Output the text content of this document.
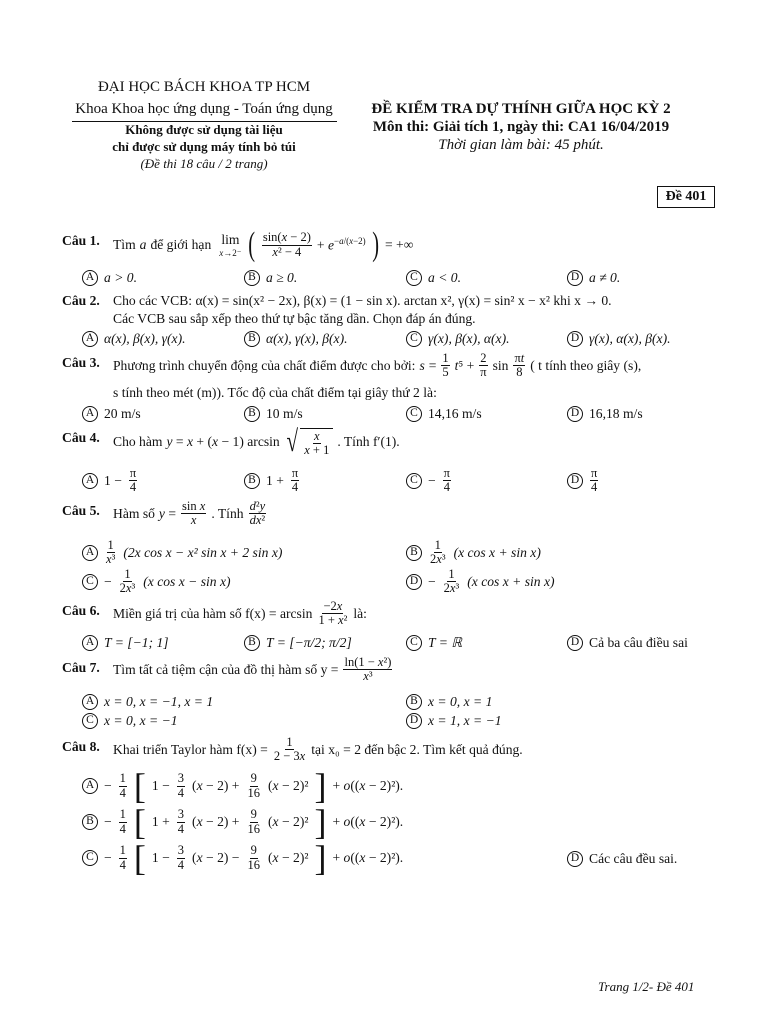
ĐẠI HỌC BÁCH KHOA TP HCM
Khoa Khoa học ứng dụng - Toán ứng dụng
Không được sử dụng tài liệu
chỉ được sử dụng máy tính bỏ túi
(Đề thi 18 câu / 2 trang)
ĐỀ KIỂM TRA DỰ THÍNH GIỮA HỌC KỲ 2
Môn thi: Giải tích 1, ngày thi: CA1 16/04/2019
Thời gian làm bài: 45 phút.
Đề 401
Câu 1. Tìm a để giới hạn lim
x→2⁻ ( $\frac{\sin(x - 2)}{\text{x² − 4}} + e^{-a/(x-2)}$ ) = +∞
A a > 0.	B a ≥ 0.	C a < 0.	D a ≠ 0.
Câu 2. Cho các VCB: α(x) = sin(x² − 2x), β(x) = (1 − sin x). arctan x², γ(x) = sin² x − x² khi x → 0.
Các VCB sau sắp xếp theo thứ tự bậc tăng dần. Chọn đáp án đúng.
A α(x), β(x), γ(x).	B α(x), γ(x), β(x).	C γ(x), β(x), α(x).	D γ(x), α(x), β(x).
Câu 3. Phương trình chuyển động của chất điểm được cho bởi: $s = \frac{1}{5} t^5 + \frac{2}{\pi}$ $\sin \frac{\pi t}{8}$ ( t tính theo giây (s),
s tính theo mét (m)). Tốc độ của chất điểm tại giây thứ 2 là:
A 20 m/s	B 10 m/s	C 14,16 m/s	D 16,18 m/s
Câu 4. Cho hàm y = x + (x − 1) arcsin √ $\frac{x}{x + 1}$ . Tính f′(1).
A $1 - \frac{\pi}{4}$	B $1 + \frac{\pi}{4}$	$C - \frac{\pi}{4}$	D $\frac{\pi}{4}$
Câu 5. Hàm số $y = \frac{\text{sin x}}{x}$ . Tính $\frac{\text{d²y}}{\text{dx²}}$
A $\frac{1}{\text{x³}} (2x$ cos x − x² sin x + 2 sin x)	B $\frac{1}{\text{2x³}} (x$ cos x + sin x)
$C - \frac{1}{\text{2x³}} (x$ cos x − sin x)	$D - \frac{1}{\text{2x³}} (x$ cos x + sin x)
Câu 6. Miền giá trị của hàm số $f(x) = \arcsin \frac{-2x}{\text{1 + x²}}$ là:
A T = [−1; 1]	B T = [−π/2; π/2]	C T = ℝ	D Cả ba câu điều sai
Câu 7. Tìm tất cả tiệm cận của đồ thị hàm số $y = \frac{\text{ln(1 − x²)}}{\text{x³}}$
A x = 0, x = −1, x = 1	B x = 0, x = 1
C x = 0, x = −1	D x = 1, x = −1
Câu 8. Khai triển Taylor hàm $f(x) = \frac{1}{2 - 3x}$ tại x₀ = 2 đến bậc 2. Tìm kết quả đúng.
$A - \frac{1}{4}$ [ $1 - \frac{3}{4} (x - 2) + \frac{9}{16} (x - 2)^2$ ] + o((x − 2)²).
$B - \frac{1}{4}$ [ $1 + \frac{3}{4} (x - 2) + \frac{9}{16} (x - 2)^2$ ] + o((x − 2)²).
$C - \frac{1}{4}$ [ $1 - \frac{3}{4} (x - 2) - \frac{9}{16} (x - 2)^2$ ] + o((x − 2)²).	D Các câu đều sai.
Trang 1/2- Đề 401
